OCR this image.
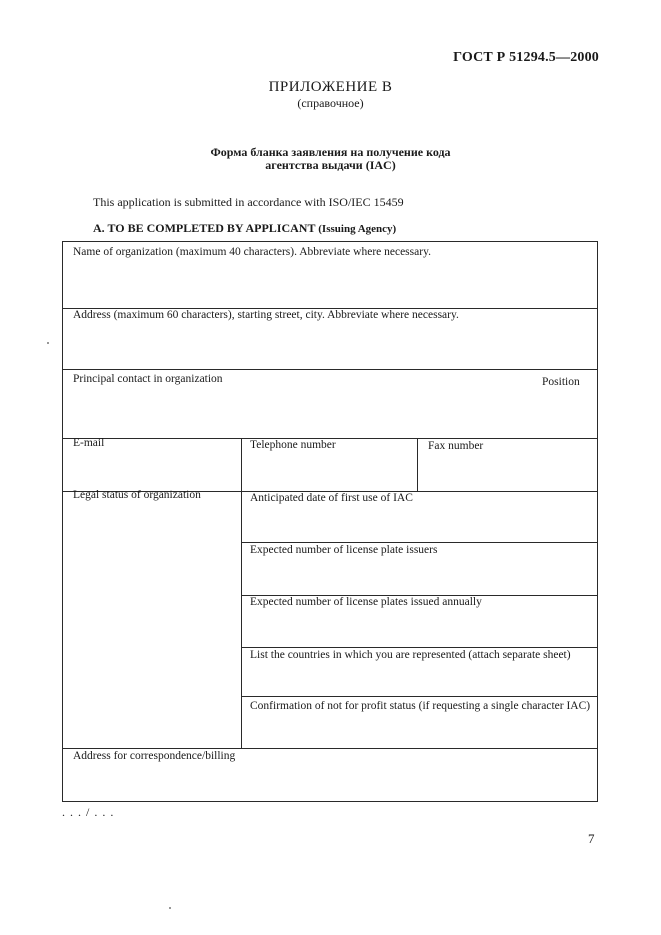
ГОСТ Р 51294.5—2000
ПРИЛОЖЕНИЕ В
(справочное)
Форма бланка заявления на получение кода
агентства выдачи (IAC)
This application is submitted in accordance with ISO/IEC 15459
A. TO BE COMPLETED BY APPLICANT (Issuing Agency)
Name of organization (maximum 40 characters). Abbreviate where necessary.
Address (maximum 60 characters), starting street, city. Abbreviate where necessary.
Principal contact in organization	Position
E-mail	Telephone number	Fax number
Legal status of organization	Anticipated date of first use of IAC
Expected number of license plate issuers
Expected number of license plates issued annually
List the countries in which you are represented (attach separate sheet)
Confirmation of not for profit status (if requesting a single character IAC)
Address for correspondence/billing
. . . / . . .
7
